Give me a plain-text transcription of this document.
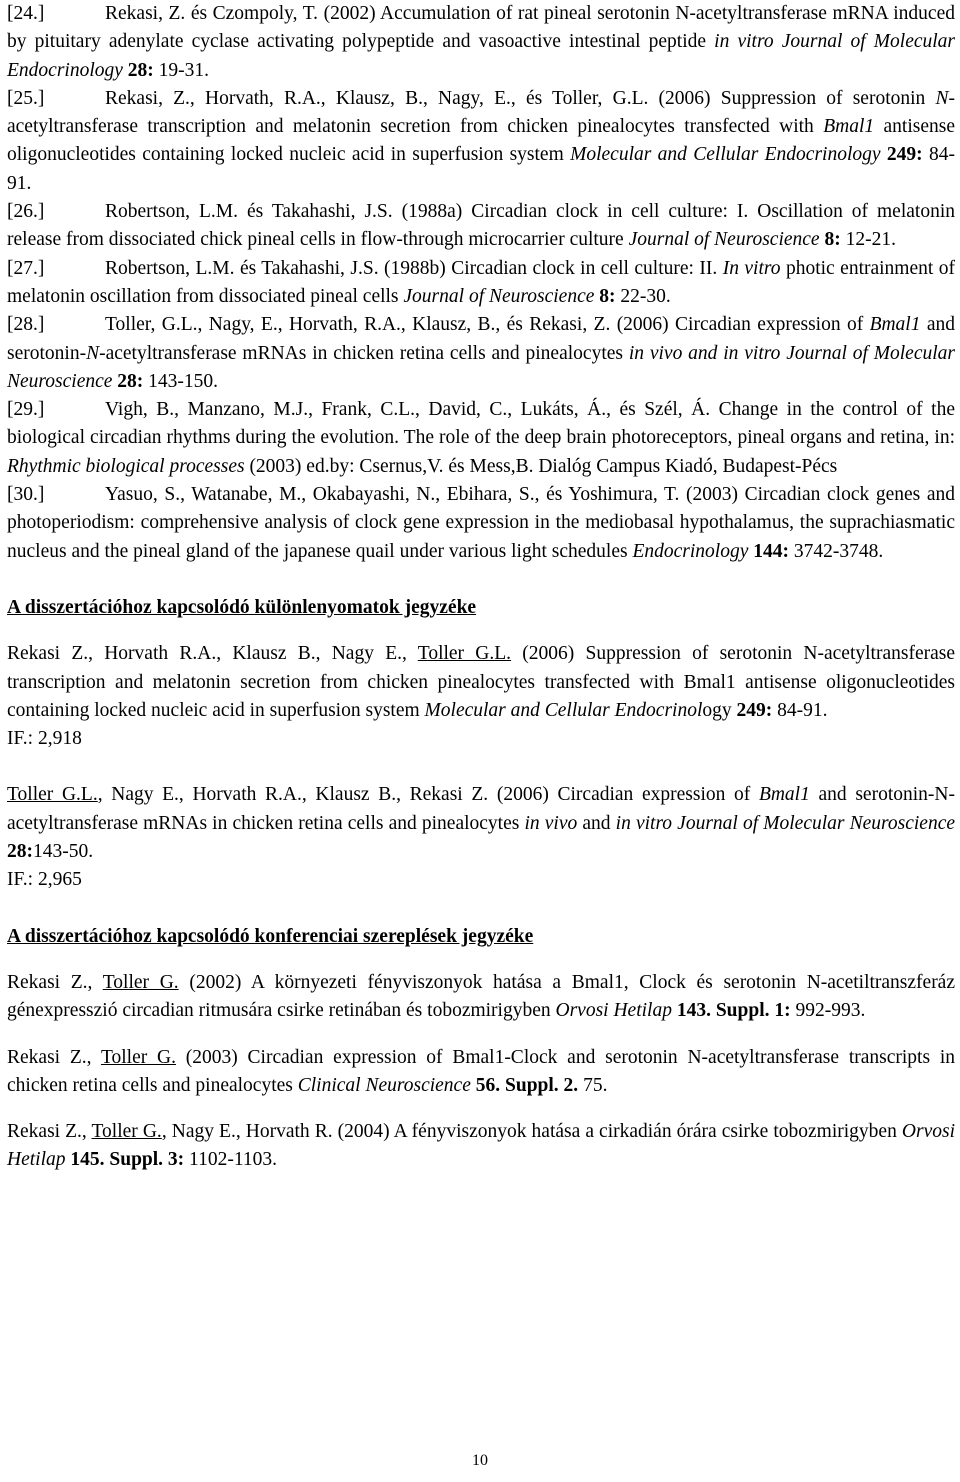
[24.]	Rekasi, Z. és Czompoly, T. (2002) Accumulation of rat pineal serotonin N-acetyltransferase mRNA induced by pituitary adenylate cyclase activating polypeptide and vasoactive intestinal peptide in vitro Journal of Molecular Endocrinology 28: 19-31.

[25.]	Rekasi, Z., Horvath, R.A., Klausz, B., Nagy, E., és Toller, G.L. (2006) Suppression of serotonin N-acetyltransferase transcription and melatonin secretion from chicken pinealocytes transfected with Bmal1 antisense oligonucleotides containing locked nucleic acid in superfusion system Molecular and Cellular Endocrinology 249: 84-91.

[26.]	Robertson, L.M. és Takahashi, J.S. (1988a) Circadian clock in cell culture: I. Oscillation of melatonin release from dissociated chick pineal cells in flow-through microcarrier culture Journal of Neuroscience 8: 12-21.

[27.]	Robertson, L.M. és Takahashi, J.S. (1988b) Circadian clock in cell culture: II. In vitro photic entrainment of melatonin oscillation from dissociated pineal cells Journal of Neuroscience 8: 22-30.

[28.]	Toller, G.L., Nagy, E., Horvath, R.A., Klausz, B., és Rekasi, Z. (2006) Circadian expression of Bmal1 and serotonin-N-acetyltransferase mRNAs in chicken retina cells and pinealocytes in vivo and in vitro Journal of Molecular Neuroscience 28: 143-150.

[29.]	Vigh, B., Manzano, M.J., Frank, C.L., David, C., Lukáts, Á., és Szél, Á. Change in the control of the biological circadian rhythms during the evolution. The role of the deep brain photoreceptors, pineal organs and retina, in: Rhythmic biological processes (2003) ed.by: Csernus,V. és Mess,B. Dialóg Campus Kiadó, Budapest-Pécs

[30.]	Yasuo, S., Watanabe, M., Okabayashi, N., Ebihara, S., és Yoshimura, T. (2003) Circadian clock genes and photoperiodism: comprehensive analysis of clock gene expression in the mediobasal hypothalamus, the suprachiasmatic nucleus and the pineal gland of the japanese quail under various light schedules Endocrinology 144: 3742-3748.

A disszertációhoz kapcsolódó különlenyomatok jegyzéke

Rekasi Z., Horvath R.A., Klausz B., Nagy E., Toller G.L. (2006) Suppression of serotonin N-acetyltransferase transcription and melatonin secretion from chicken pinealocytes transfected with Bmal1 antisense oligonucleotides containing locked nucleic acid in superfusion system Molecular and Cellular Endocrinology 249: 84-91.

IF.: 2,918

Toller G.L., Nagy E., Horvath R.A., Klausz B., Rekasi Z. (2006) Circadian expression of Bmal1 and serotonin-N-acetyltransferase mRNAs in chicken retina cells and pinealocytes in vivo and in vitro Journal of Molecular Neuroscience 28:143-50.

IF.: 2,965

A disszertációhoz kapcsolódó konferenciai szereplések jegyzéke

Rekasi Z., Toller G. (2002) A környezeti fényviszonyok hatása a Bmal1, Clock és serotonin N-acetiltranszferáz génexpresszió circadian ritmusára csirke retinában és tobozmirigyben Orvosi Hetilap 143. Suppl. 1: 992-993.

Rekasi Z., Toller G. (2003) Circadian expression of Bmal1-Clock and serotonin N-acetyltransferase transcripts in chicken retina cells and pinealocytes Clinical Neuroscience 56. Suppl. 2. 75.

Rekasi Z., Toller G., Nagy E., Horvath R. (2004) A fényviszonyok hatása a cirkadián órára csirke tobozmirigyben Orvosi Hetilap 145. Suppl. 3: 1102-1103.

10
